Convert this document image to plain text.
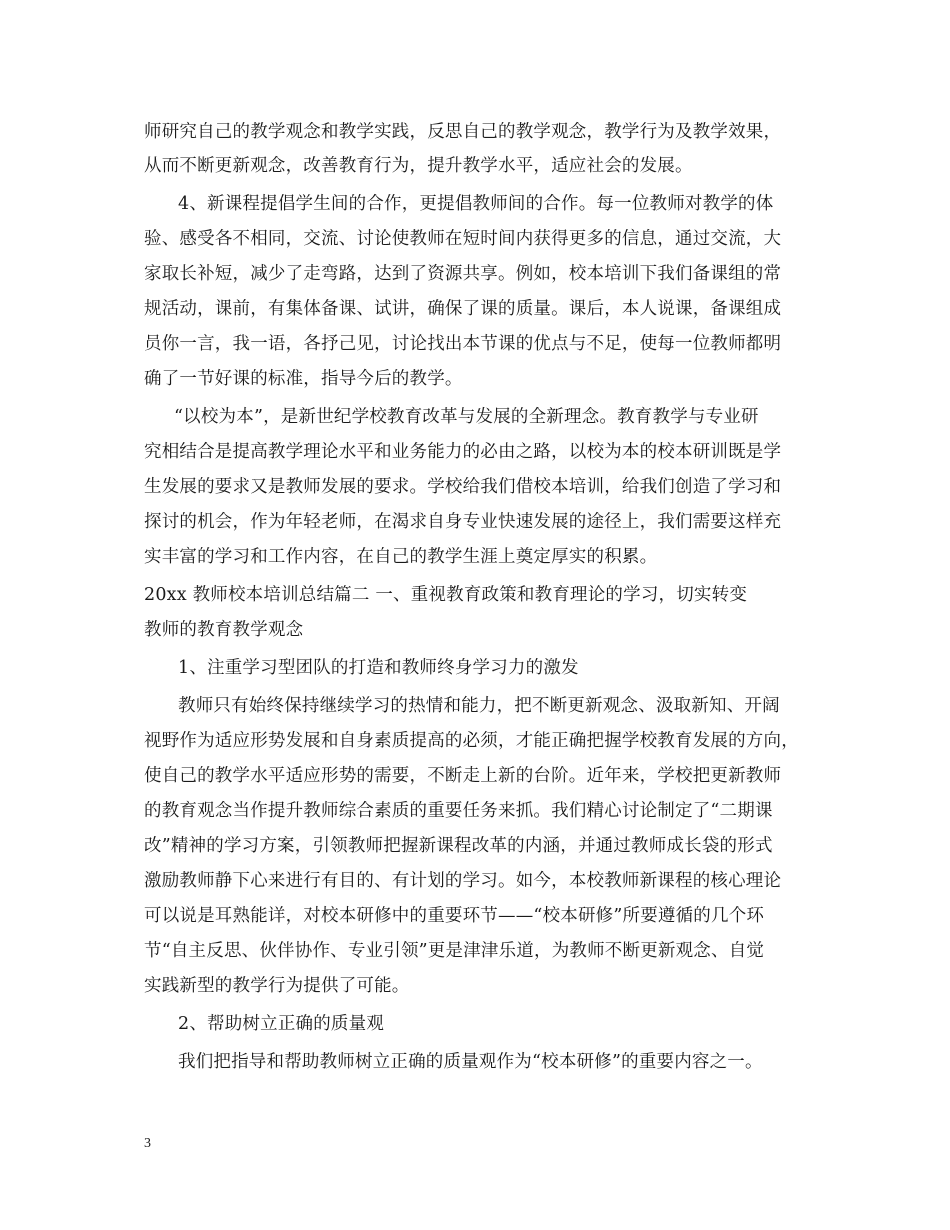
师研究自己的教学观念和教学实践，反思自己的教学观念，教学行为及教学效果，
从而不断更新观念，改善教育行为，提升教学水平，适应社会的发展。
4、新课程提倡学生间的合作，更提倡教师间的合作。每一位教师对教学的体
验、感受各不相同，交流、讨论使教师在短时间内获得更多的信息，通过交流，大
家取长补短，减少了走弯路，达到了资源共享。例如，校本培训下我们备课组的常
规活动，课前，有集体备课、试讲，确保了课的质量。课后，本人说课，备课组成
员你一言，我一语，各抒己见，讨论找出本节课的优点与不足，使每一位教师都明
确了一节好课的标准，指导今后的教学。
“以校为本”，是新世纪学校教育改革与发展的全新理念。教育教学与专业研
究相结合是提高教学理论水平和业务能力的必由之路，以校为本的校本研训既是学
生发展的要求又是教师发展的要求。学校给我们借校本培训，给我们创造了学习和
探讨的机会，作为年轻老师，在渴求自身专业快速发展的途径上，我们需要这样充
实丰富的学习和工作内容，在自己的教学生涯上奠定厚实的积累。
20xx 教师校本培训总结篇二 一、重视教育政策和教育理论的学习，切实转变
教师的教育教学观念
1、注重学习型团队的打造和教师终身学习力的激发
教师只有始终保持继续学习的热情和能力，把不断更新观念、汲取新知、开阔
视野作为适应形势发展和自身素质提高的必须，才能正确把握学校教育发展的方向，
使自己的教学水平适应形势的需要，不断走上新的台阶。近年来，学校把更新教师
的教育观念当作提升教师综合素质的重要任务来抓。我们精心讨论制定了“二期课
改”精神的学习方案，引领教师把握新课程改革的内涵，并通过教师成长袋的形式
激励教师静下心来进行有目的、有计划的学习。如今，本校教师新课程的核心理论
可以说是耳熟能详，对校本研修中的重要环节——“校本研修”所要遵循的几个环
节“自主反思、伙伴协作、专业引领”更是津津乐道，为教师不断更新观念、自觉
实践新型的教学行为提供了可能。
2、帮助树立正确的质量观
我们把指导和帮助教师树立正确的质量观作为“校本研修”的重要内容之一。
3
